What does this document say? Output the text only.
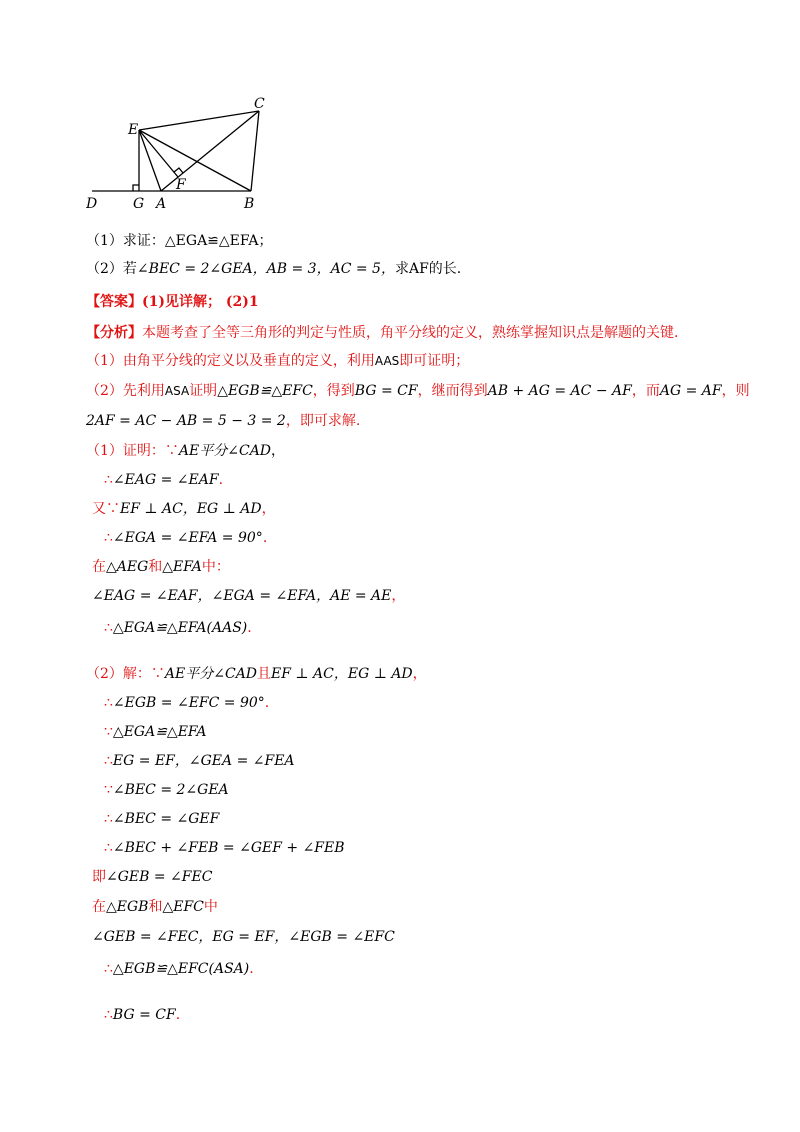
D	G A	B
E
F
C
（1）求证：△EGA≌△EFA；
（2）若∠BEC = 2∠GEA，AB = 3，AC = 5，求AF的长.
【答案】(1)见详解； (2)1
【分析】本题考查了全等三角形的判定与性质，角平分线的定义，熟练掌握知识点是解题的关键.
（1）由角平分线的定义以及垂直的定义，利用AAS即可证明；
（2）先利用ASA证明△EGB≌△EFC，得到BG = CF，继而得到AB + AG = AC − AF，而AG = AF，则
2AF = AC − AB = 5 − 3 = 2，即可求解.
（1）证明：∵AE平分∠CAD，
∴∠EAG = ∠EAF.
又∵EF ⊥ AC，EG ⊥ AD，
∴∠EGA = ∠EFA = 90°.
在△AEG和△EFA中：
∠EAG = ∠EAF，∠EGA = ∠EFA，AE = AE，
∴△EGA≌△EFA(AAS).
（2）解：∵AE平分∠CAD且EF ⊥ AC，EG ⊥ AD，
∴∠EGB = ∠EFC = 90°.
∵△EGA≌△EFA
∴EG = EF，∠GEA = ∠FEA
∵∠BEC = 2∠GEA
∴∠BEC = ∠GEF
∴∠BEC + ∠FEB = ∠GEF + ∠FEB
即∠GEB = ∠FEC
在△EGB和△EFC中
∠GEB = ∠FEC，EG = EF，∠EGB = ∠EFC
∴△EGB≌△EFC(ASA).
∴BG = CF.
